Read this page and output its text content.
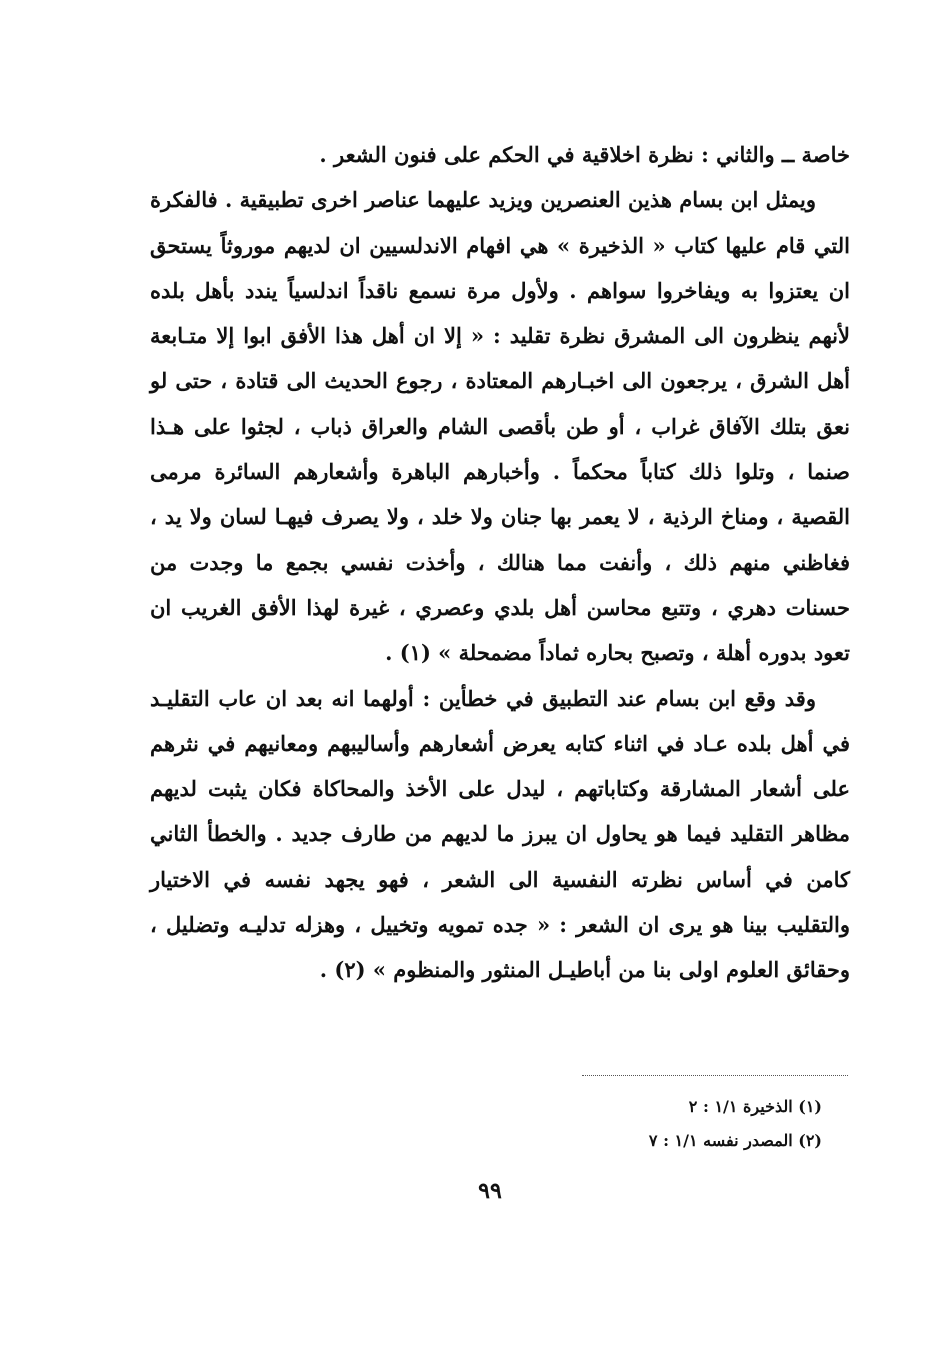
خاصة ــ والثاني : نظرة اخلاقية في الحكم على فنون الشعر .

ويمثل ابن بسام هذين العنصرين ويزيد عليهما عناصر اخرى تطبيقية . فالفكرة التي قام عليها كتاب « الذخيرة » هي افهام الاندلسيين ان لديهم موروثاً يستحق ان يعتزوا به ويفاخروا سواهم . ولأول مرة نسمع ناقداً اندلسياً يندد بأهل بلده لأنهم ينظرون الى المشرق نظرة تقليد : « إلا ان أهل هذا الأفق ابوا إلا متـابعة أهل الشرق ، يرجعون الى اخبـارهم المعتادة ، رجوع الحديث الى قتادة ، حتى لو نعق بتلك الآفاق غراب ، أو طن بأقصى الشام والعراق ذباب ، لجثوا على هـذا صنما ، وتلوا ذلك كتاباً محكماً . وأخبارهم الباهرة وأشعارهم السائرة مرمى القصية ، ومناخ الرذية ، لا يعمر بها جنان ولا خلد ، ولا يصرف فيهـا لسان ولا يد ، فغاظني منهم ذلك ، وأنفت مما هنالك ، وأخذت نفسي بجمع ما وجدت من حسنات دهري ، وتتبع محاسن أهل بلدي وعصري ، غيرة لهذا الأفق الغريب ان تعود بدوره أهلة ، وتصبح بحاره ثماداً مضمحلة » (١) .

وقد وقع ابن بسام عند التطبيق في خطأين : أولهما انه بعد ان عاب التقليـد في أهل بلده عـاد في اثناء كتابه يعرض أشعارهم وأساليبهم ومعانيهم في نثرهم على أشعار المشارقة وكتاباتهم ، ليدل على الأخذ والمحاكاة فكان يثبت لديهم مظاهر التقليد فيما هو يحاول ان يبرز ما لديهم من طارف جديد . والخطأ الثاني كامن في أساس نظرته النفسية الى الشعر ، فهو يجهد نفسه في الاختيار والتقليب بينا هو يرى ان الشعر : « جده تمويه وتخييل ، وهزله تدليـه وتضليل ، وحقائق العلوم اولى بنا من أباطيـل المنثور والمنظوم » (٢) .

(١) الذخيرة ١/١ : ٢
(٢) المصدر نفسه ١/١ : ٧
٩٩
